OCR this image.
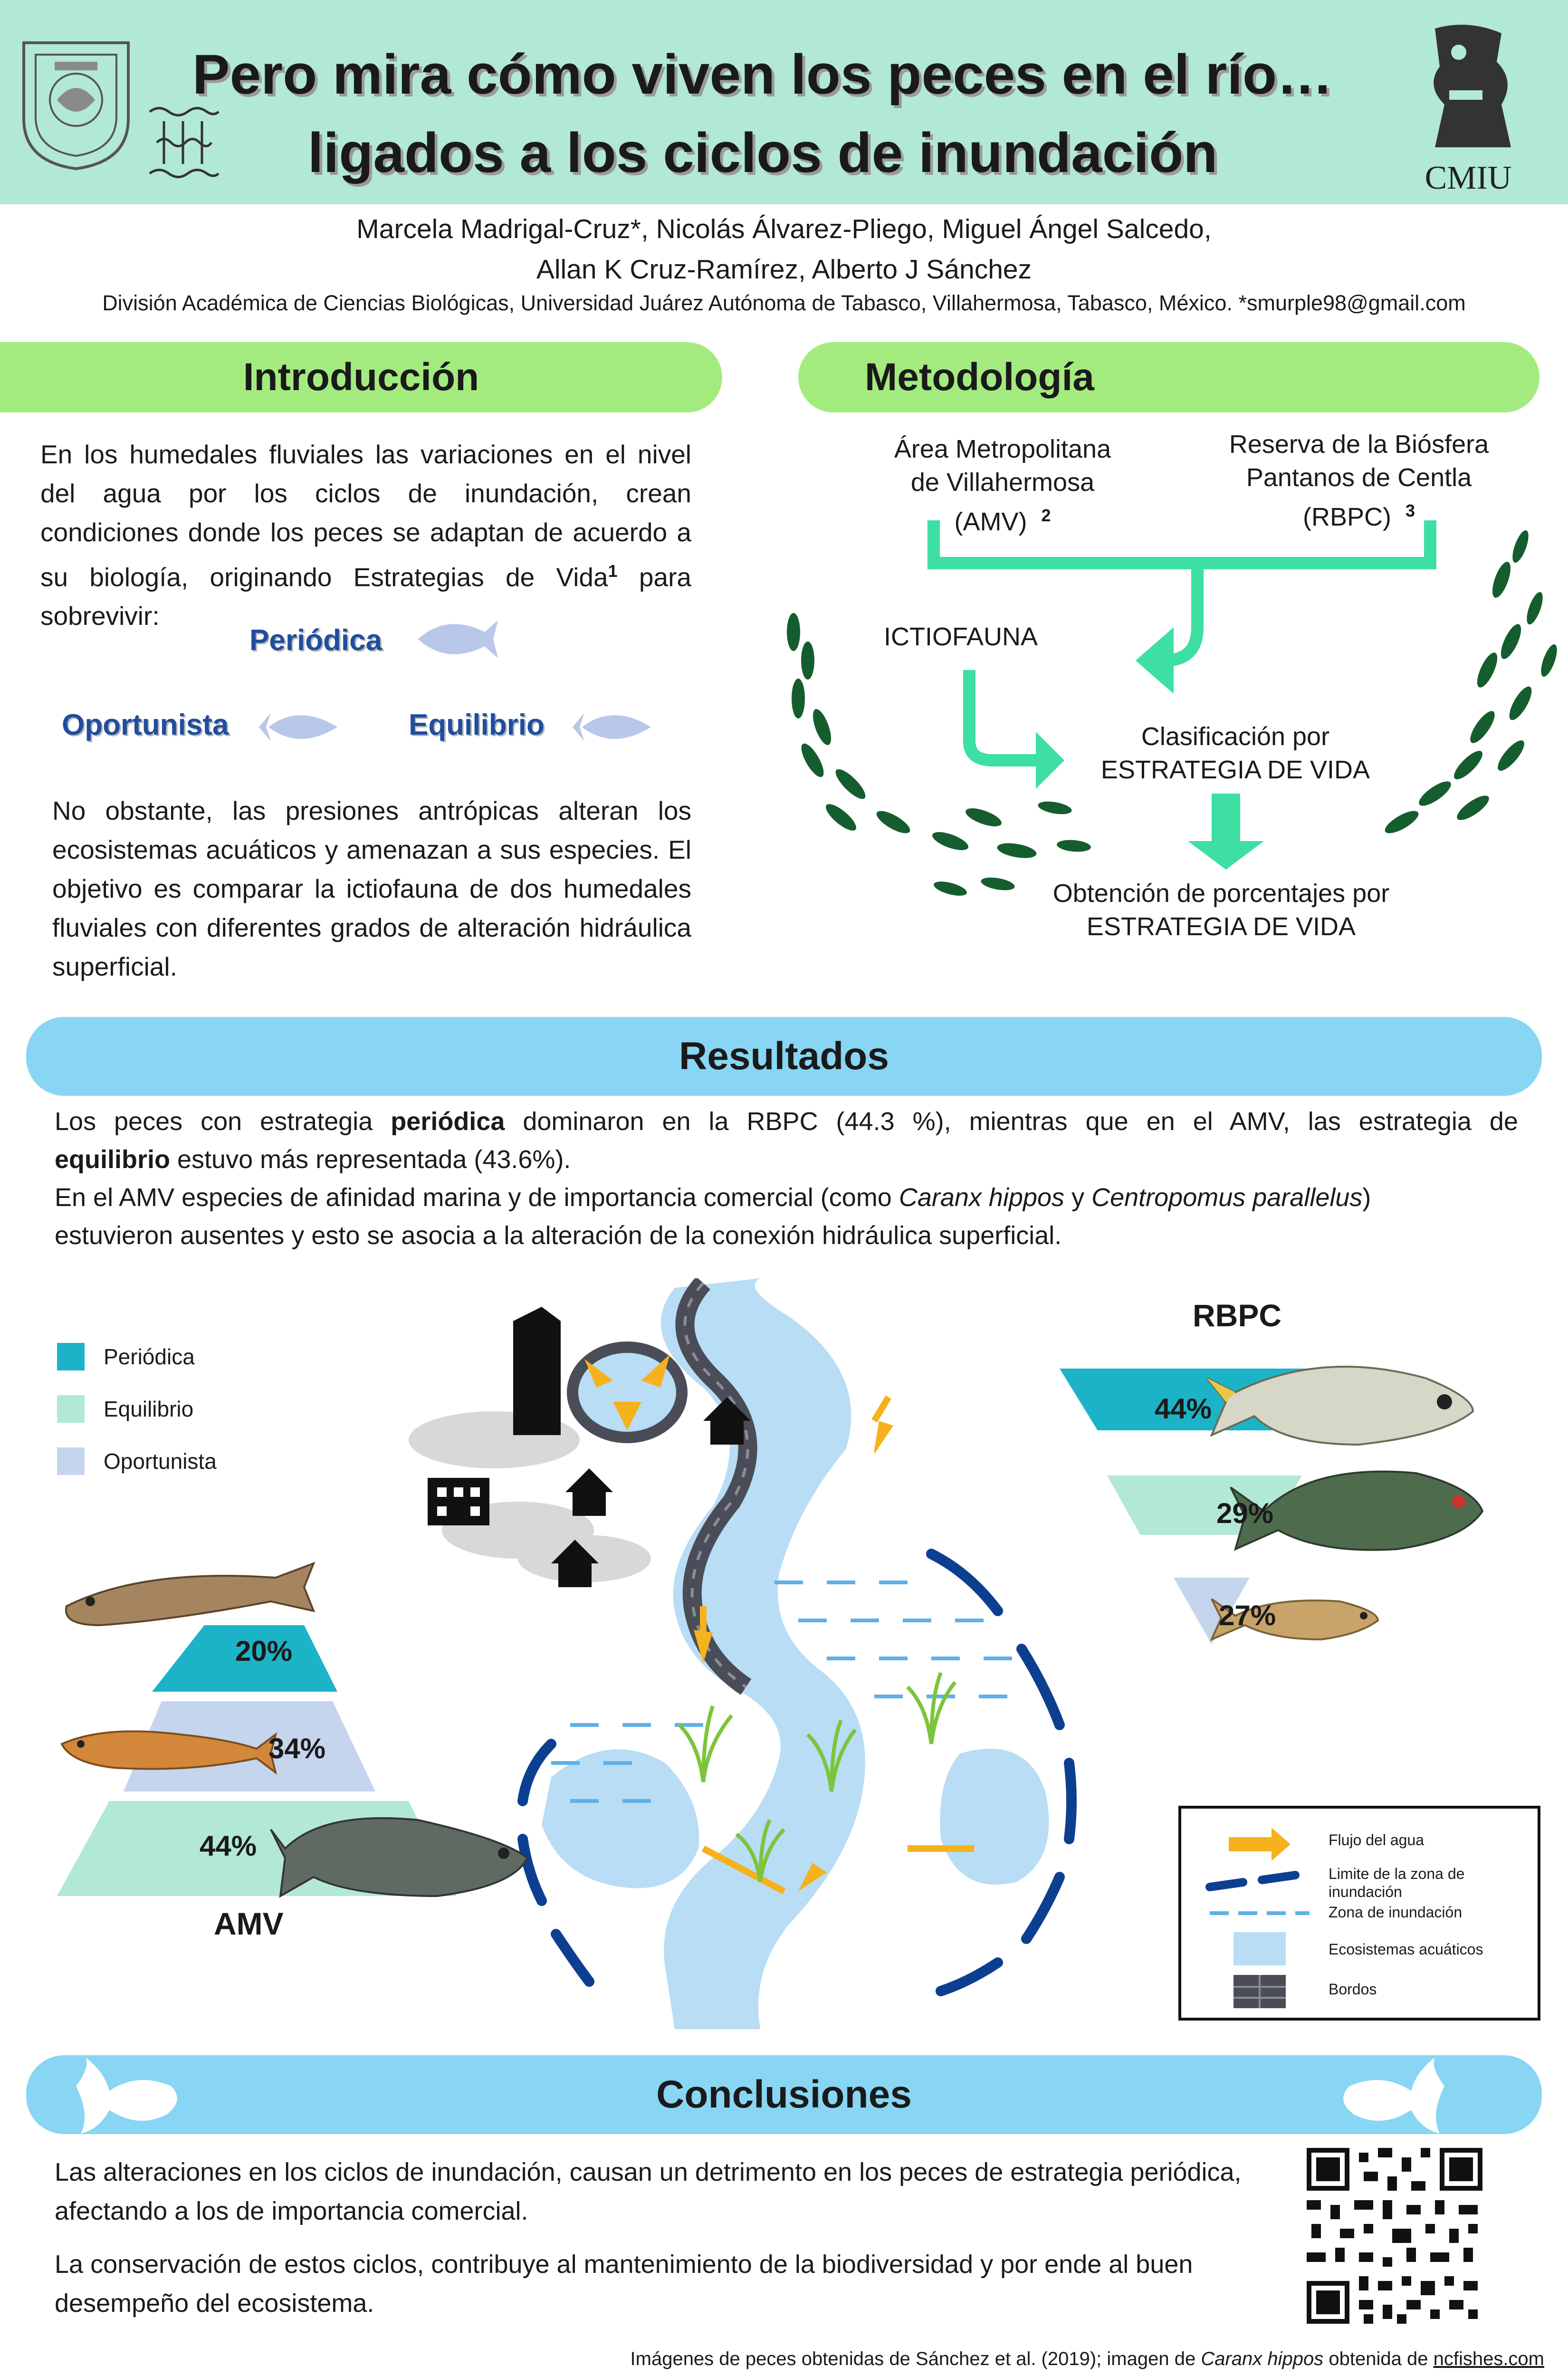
CMIU
Pero mira cómo viven los peces en el río…
ligados a los ciclos de inundación
Marcela Madrigal-Cruz*, Nicolás Álvarez-Pliego, Miguel Ángel Salcedo,
Allan K Cruz-Ramírez, Alberto J Sánchez
División Académica de Ciencias Biológicas, Universidad Juárez Autónoma de Tabasco, Villahermosa, Tabasco, México. *smurple98@gmail.com
Introducción
En los humedales fluviales las variaciones en el nivel del agua por los ciclos de inundación, crean condiciones donde los peces se adaptan de acuerdo a su biología, originando Estrategias de Vida$^1$ para sobrevivir:
Periódica
Oportunista	Equilibrio
No obstante, las presiones antrópicas alteran los ecosistemas acuáticos y amenazan a sus especies. El objetivo es comparar la ictiofauna de dos humedales fluviales con diferentes grados de alteración hidráulica superficial.
Metodología
Área Metropolitana
de Villahermosa
(AMV) $^2$
Reserva de la Biósfera
Pantanos de Centla
(RBPC) $^3$
ICTIOFAUNA
Clasificación por
ESTRATEGIA DE VIDA
Obtención de porcentajes por
ESTRATEGIA DE VIDA
Resultados
Los peces con estrategia periódica dominaron en la RBPC (44.3 %), mientras que en el AMV, las estrategia de
equilibrio estuvo más representada (43.6%).
En el AMV especies de afinidad marina y de importancia comercial (como Caranx hippos y Centropomus parallelus)
estuvieron ausentes y esto se asocia a la alteración de la conexión hidráulica superficial.
Periódica
Equilibrio
Oportunista
RBPC
44%
29%
27%
20%
34%
44%
AMV
Flujo del agua
Limite de la zona de
inundación
Zona de inundación
Ecosistemas acuáticos
Bordos
Conclusiones
Las alteraciones en los ciclos de inundación, causan un detrimento en los peces de estrategia periódica, afectando a los de importancia comercial.
La conservación de estos ciclos, contribuye al mantenimiento de la biodiversidad y por ende al buen desempeño del ecosistema.
Imágenes de peces obtenidas de Sánchez et al. (2019); imagen de Caranx hippos obtenida de ncfishes.com
